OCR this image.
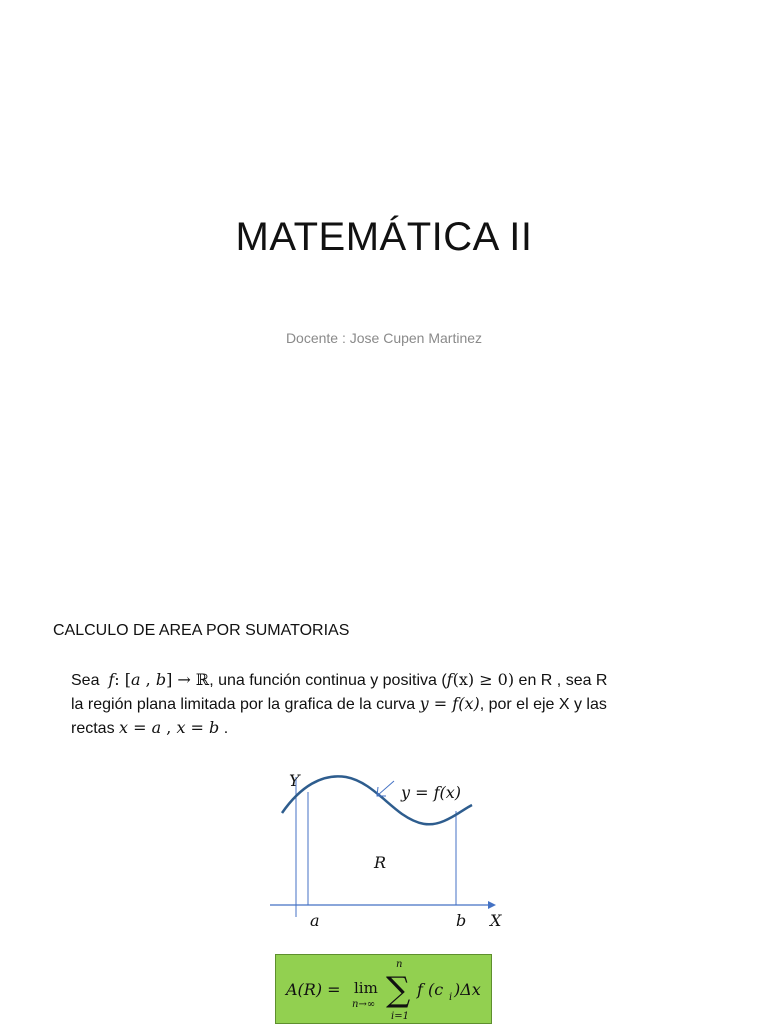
MATEMÁTICA II
Docente : Jose Cupen Martinez
CALCULO DE AREA POR SUMATORIAS
Sea f: [a , b] → ℝ, una función continua y positiva (f(x) ≥ 0) en R , sea R
la región plana limitada por la grafica de la curva y = f(x), por el eje X y las
rectas x = a , x = b .
Y
y = f(x)
R
a	b X
A(R) = lim
n→∞
n
∑
i=1
f (c i )Δx
